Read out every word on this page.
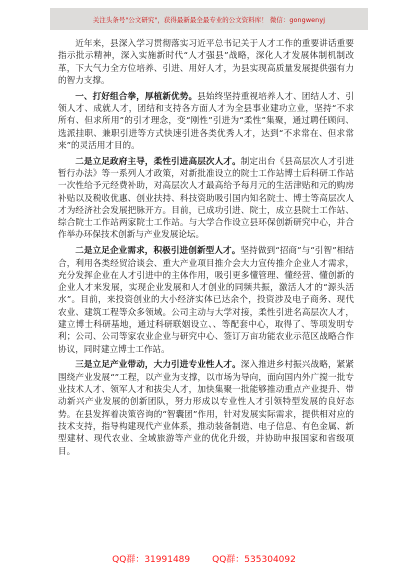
关注头条号"公文研究"，获得最新最全最专业的公文资料库！ 微信：gongwenyj

近年来，县深入学习贯彻落实习近平总书记关于人才工作的重要讲话重要指示批示精神，深入实施新时代“人才强县”战略，深化人才发展体制机制改革，下大气力全方位培养、引进、用好人才，为县实现高质量发展提供强有力的智力支撑。

一、打好组合拳，厚植新优势。县始终坚持重视培养人才、团结人才、引领人才、成就人才，团结和支持各方面人才为全县事业建功立业，坚持“不求所有、但求所用”的引才理念，变“刚性”引进为“柔性”集聚，通过聘任顾问、选派挂职、兼职引进等方式快速引进各类优秀人才，达到“不求常在、但求常来”的灵活用才目的。

二是立足政府主导，柔性引进高层次人才。制定出台《县高层次人才引进暂行办法》等一系列人才政策，对新批准设立的院士工作站博士后科研工作站一次性给予元经费补助，对高层次人才最高给予每月元的生活津贴和元的购房补贴以及税收优惠、创业扶持、科技资助吸引国内知名院士、博士等高层次人才为经济社会发展把脉开方。目前，已成功引进、院士，成立县院士工作站、综合院士工作站两家院士工作站。与大学合作设立县环保创新研究中心，并合作举办环保技术创新与产业发展论坛。

二是立足企业需求，积极引进创新型人才。坚持做到“招商”与“引智”相结合，利用各类经贸洽谈会、重大产业项目推介会大力宣传推介企业人才需求，充分发挥企业在人才引进中的主体作用，吸引更多懂管理、懂经营、懂创新的企业人才来发展，实现企业发展和人才创业的同频共振，激活人才的“源头活水”。目前，来投资创业的大小经济实体已达余个，投资涉及电子商务、现代农业、建筑工程等众多领域。公司主动与大学对接，柔性引进名高层次人才，建立博士科研基地，通过科研联姻设立、、等配套中心，取得了、等项发明专利；公司、公司等家农业企业与研究中心、签订万亩功能农业示范区战略合作协议，同时建立博士工作站。

三是立足产业带动，大力引进专业性人才。深入推进乡村振兴战略，紧紧围绕产业发展“”工程，以产业为支撑，以市场为导向，面向国内外广搅一批专业技术人才、领军人才和拔尖人才，加快集聚一批能够推动重点产业提升、带动新兴产业发展的创新团队，努力形成以专业性人才引领特型发展的良好态势。在县发挥着决策咨询的“智囊团”作用，针对发展实际需求，提供相对应的技术支持，指导构建现代产业体系，推动装备制造、电子信息、有色金属、新型建材、现代农业、全域旅游等产业的优化升级，并协助申报国家和省级项目。

QQ群：31991489 QQ群：535304092
